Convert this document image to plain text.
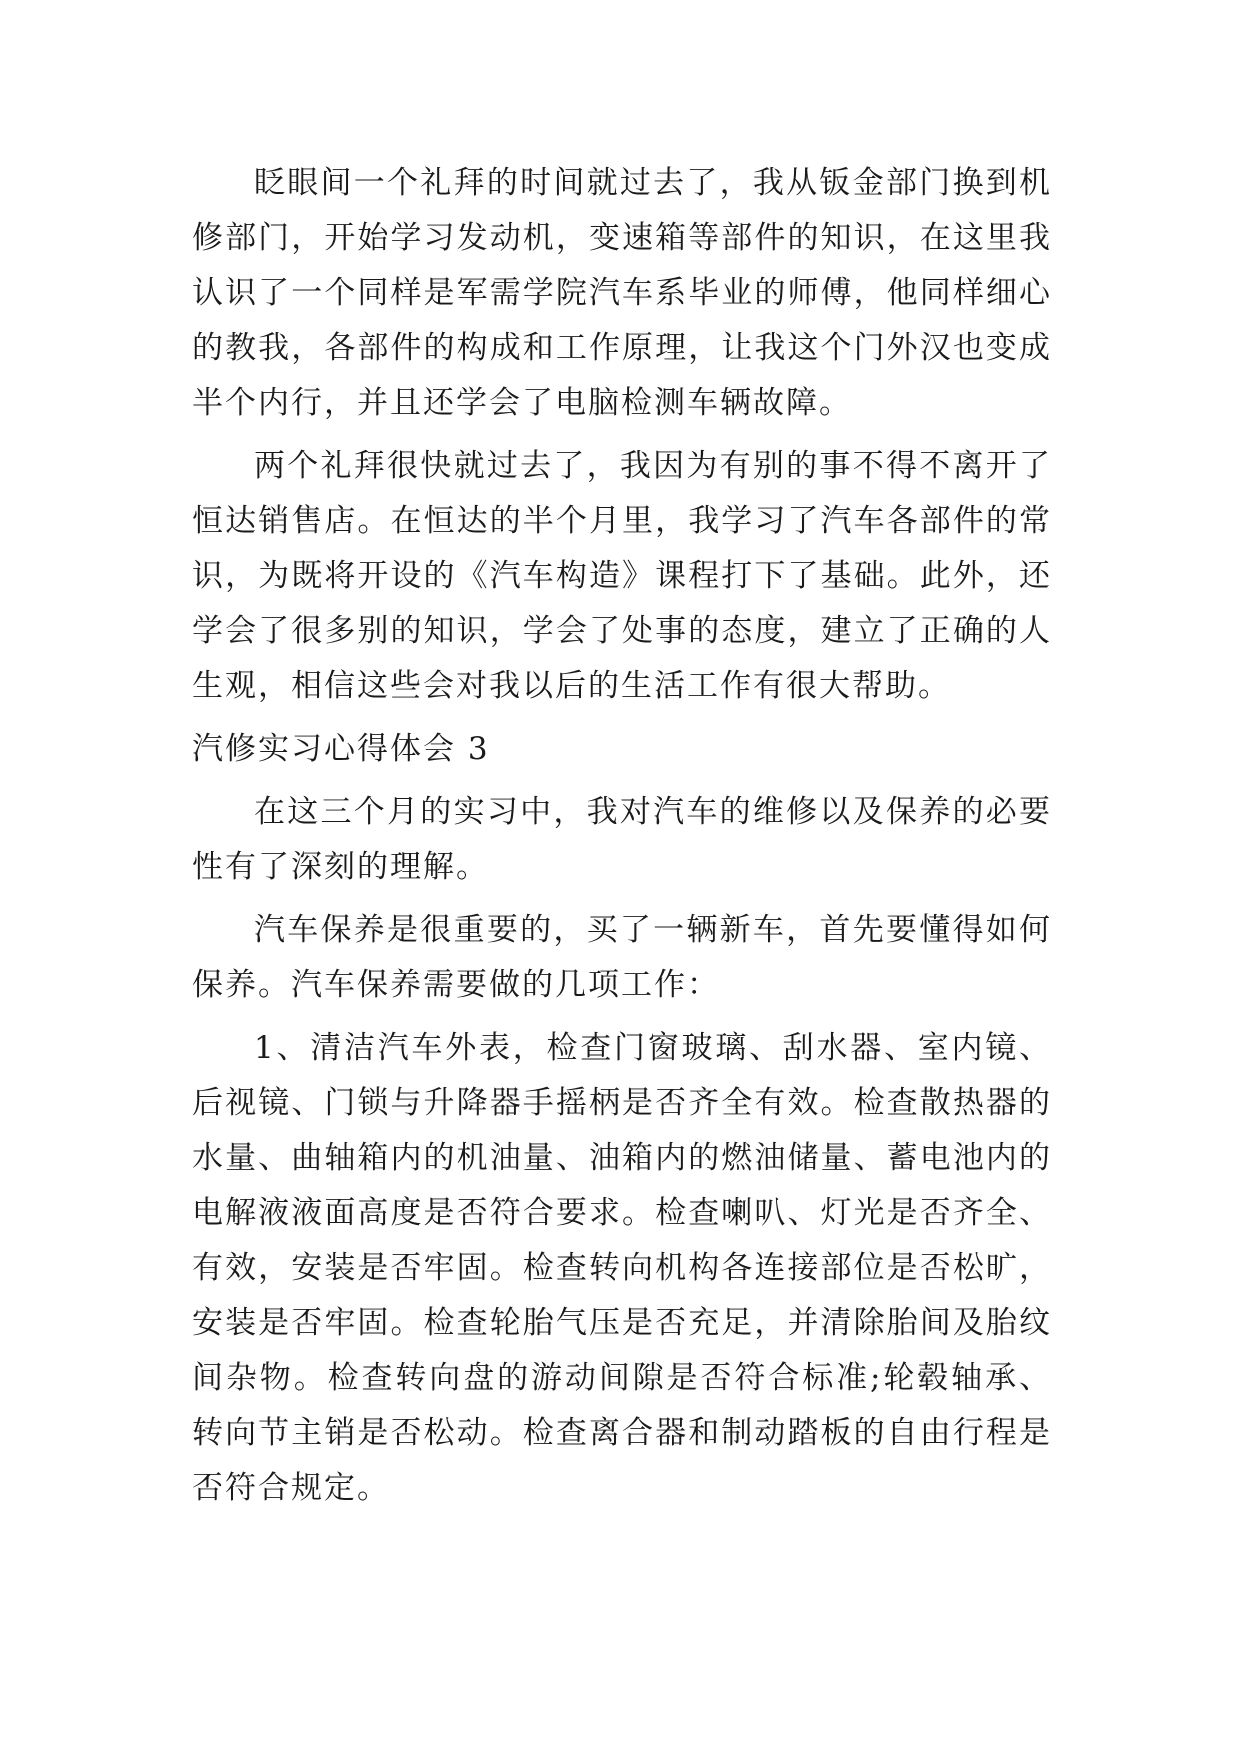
眨眼间一个礼拜的时间就过去了，我从钣金部门换到机修部门，开始学习发动机，变速箱等部件的知识，在这里我认识了一个同样是军需学院汽车系毕业的师傅，他同样细心的教我，各部件的构成和工作原理，让我这个门外汉也变成半个内行，并且还学会了电脑检测车辆故障。

两个礼拜很快就过去了，我因为有别的事不得不离开了恒达销售店。在恒达的半个月里，我学习了汽车各部件的常识，为既将开设的《汽车构造》课程打下了基础。此外，还学会了很多别的知识，学会了处事的态度，建立了正确的人生观，相信这些会对我以后的生活工作有很大帮助。

汽修实习心得体会 3

在这三个月的实习中，我对汽车的维修以及保养的必要性有了深刻的理解。

汽车保养是很重要的，买了一辆新车，首先要懂得如何保养。汽车保养需要做的几项工作：

1、清洁汽车外表，检查门窗玻璃、刮水器、室内镜、后视镜、门锁与升降器手摇柄是否齐全有效。检查散热器的水量、曲轴箱内的机油量、油箱内的燃油储量、蓄电池内的电解液液面高度是否符合要求。检查喇叭、灯光是否齐全、有效，安装是否牢固。检查转向机构各连接部位是否松旷，安装是否牢固。检查轮胎气压是否充足，并清除胎间及胎纹间杂物。检查转向盘的游动间隙是否符合标准;轮毂轴承、转向节主销是否松动。检查离合器和制动踏板的自由行程是否符合规定。
